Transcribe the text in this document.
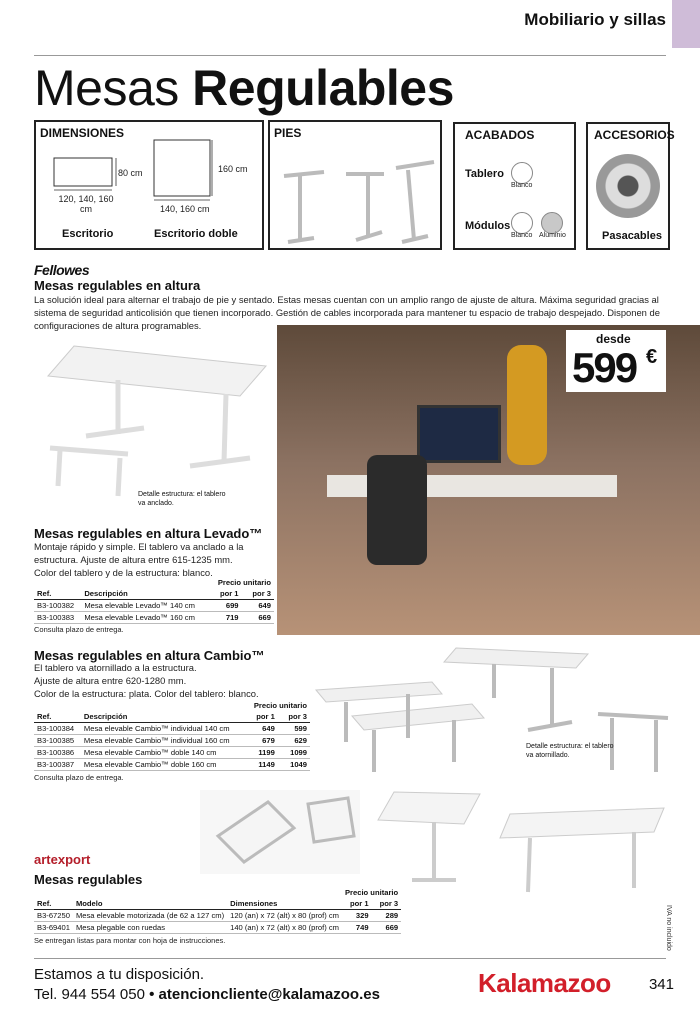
Mobiliario y sillas
Mesas Regulables
DIMENSIONES
80 cm
120, 140, 160 cm
160 cm
140, 160 cm
Escritorio	Escritorio doble
PIES	ACABADOS
Tablero
Blanco
Módulos
Blanco Aluminio
ACCESORIOS
Pasacables
Fellowes
Mesas regulables en altura
La solución ideal para alternar el trabajo de pie y sentado. Estas mesas cuentan con un amplio rango de ajuste de altura. Máxima seguridad gracias al sistema de seguridad anticolisión que tienen incorporado. Gestión de cables incorporada para mantener tu espacio de trabajo despejado. Disponen de configuraciones de altura programables.
Detalle estructura: el tablero va anclado.
desde
599 €
Mesas regulables en altura Levado™
Montaje rápido y simple. El tablero va anclado a la estructura. Ajuste de altura entre 615-1235 mm.
Color del tablero y de la estructura: blanco.
		Precio unitario	
Ref.	Descripción	por 1	por 3
B3-100382	Mesa elevable Levado™ 140 cm	699	649
B3-100383	Mesa elevable Levado™ 160 cm	719	669
Consulta plazo de entrega.
Mesas regulables en altura Cambio™
El tablero va atornillado a la estructura.
Ajuste de altura entre 620-1280 mm.
Color de la estructura: plata. Color del tablero: blanco.
		Precio unitario	
Ref.	Descripción	por 1	por 3
B3-100384	Mesa elevable Cambio™ individual 140 cm	649	599
B3-100385	Mesa elevable Cambio™ individual 160 cm	679	629
B3-100386	Mesa elevable Cambio™ doble 140 cm	1199	1099
B3-100387	Mesa elevable Cambio™ doble 160 cm	1149	1049
Consulta plazo de entrega.
Detalle estructura: el tablero va atornillado.
artexport
Mesas regulables
			Precio unitario	
Ref.	Modelo	Dimensiones	por 1	por 3
B3-67250	Mesa elevable motorizada (de 62 a 127 cm)	120 (an) x 72 (alt) x 80 (prof) cm	329	289
B3-69401	Mesa plegable con ruedas	140 (an) x 72 (alt) x 80 (prof) cm	749	669
Se entregan listas para montar con hoja de instrucciones.	IVA no incluido
Estamos a tu disposición.
Tel. 944 554 050 • atencioncliente@kalamazoo.es	Kalamazoo	341
